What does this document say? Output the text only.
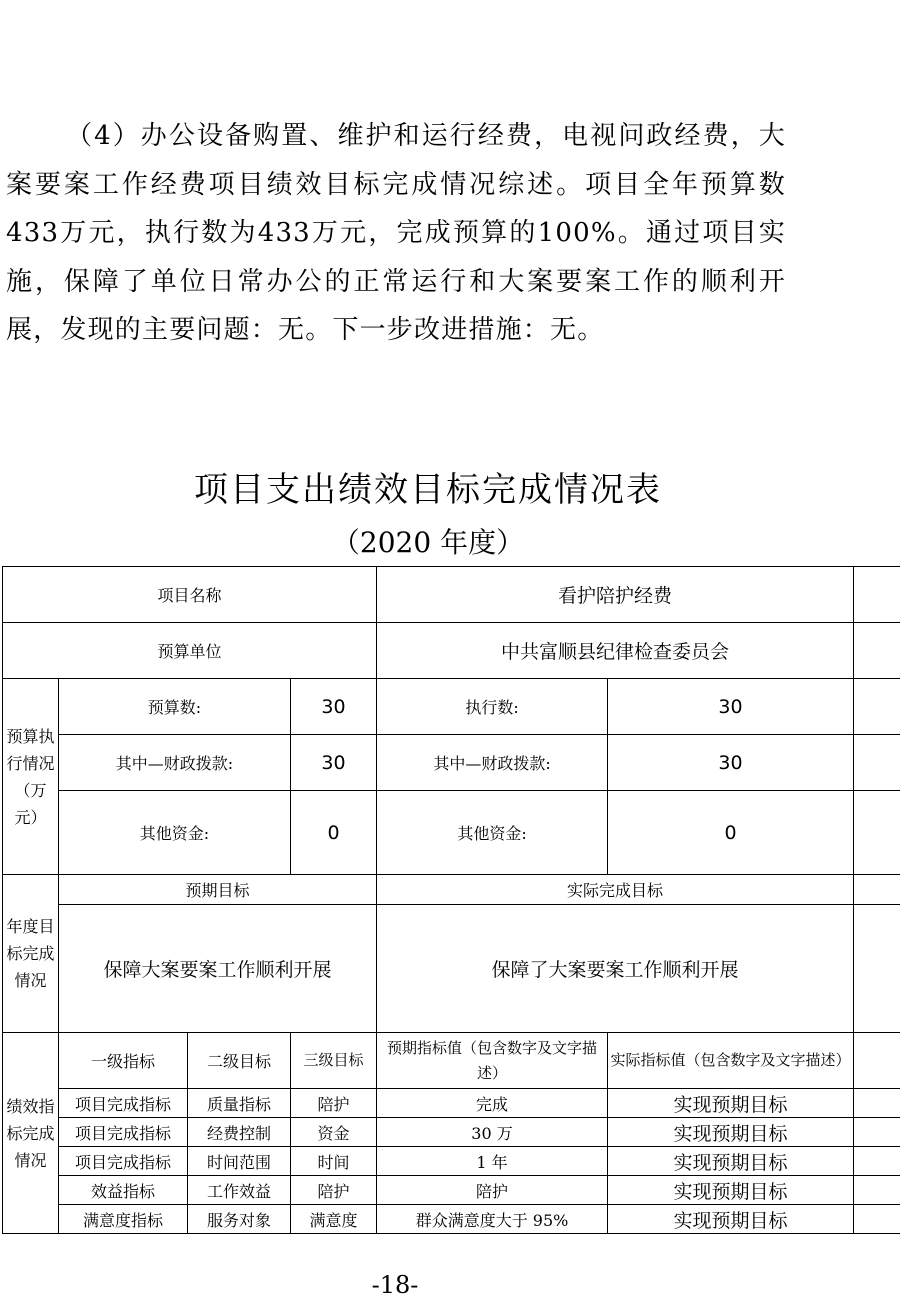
（4）办公设备购置、维护和运行经费，电视问政经费，大案要案工作经费项目绩效目标完成情况综述。项目全年预算数433万元，执行数为433万元，完成预算的100%。通过项目实施，保障了单位日常办公的正常运行和大案要案工作的顺利开展，发现的主要问题：无。下一步改进措施：无。

项目支出绩效目标完成情况表
（2020 年度）
项目名称				看护陪护经费		
预算单位				中共富顺县纪律检查委员会		
预算执行情况（万元）	预算数:		30	执行数:	30	
	其中—财政拨款:		30	其中—财政拨款:	30	
	其他资金:		0	其他资金:	0	
年度目标完成情况	预期目标			实际完成目标		
	保障大案要案工作顺利开展			保障了大案要案工作顺利开展		
绩效指标完成情况	一级指标	二级目标	三级目标	预期指标值（包含数字及文字描述）	实际指标值（包含数字及文字描述）	
	项目完成指标	质量指标	陪护	完成	实现预期目标	
	项目完成指标	经费控制	资金	30 万	实现预期目标	
	项目完成指标	时间范围	时间	1 年	实现预期目标	
	效益指标	工作效益	陪护	陪护	实现预期目标	
	满意度指标	服务对象	满意度	群众满意度大于 95%	实现预期目标	
-18-
